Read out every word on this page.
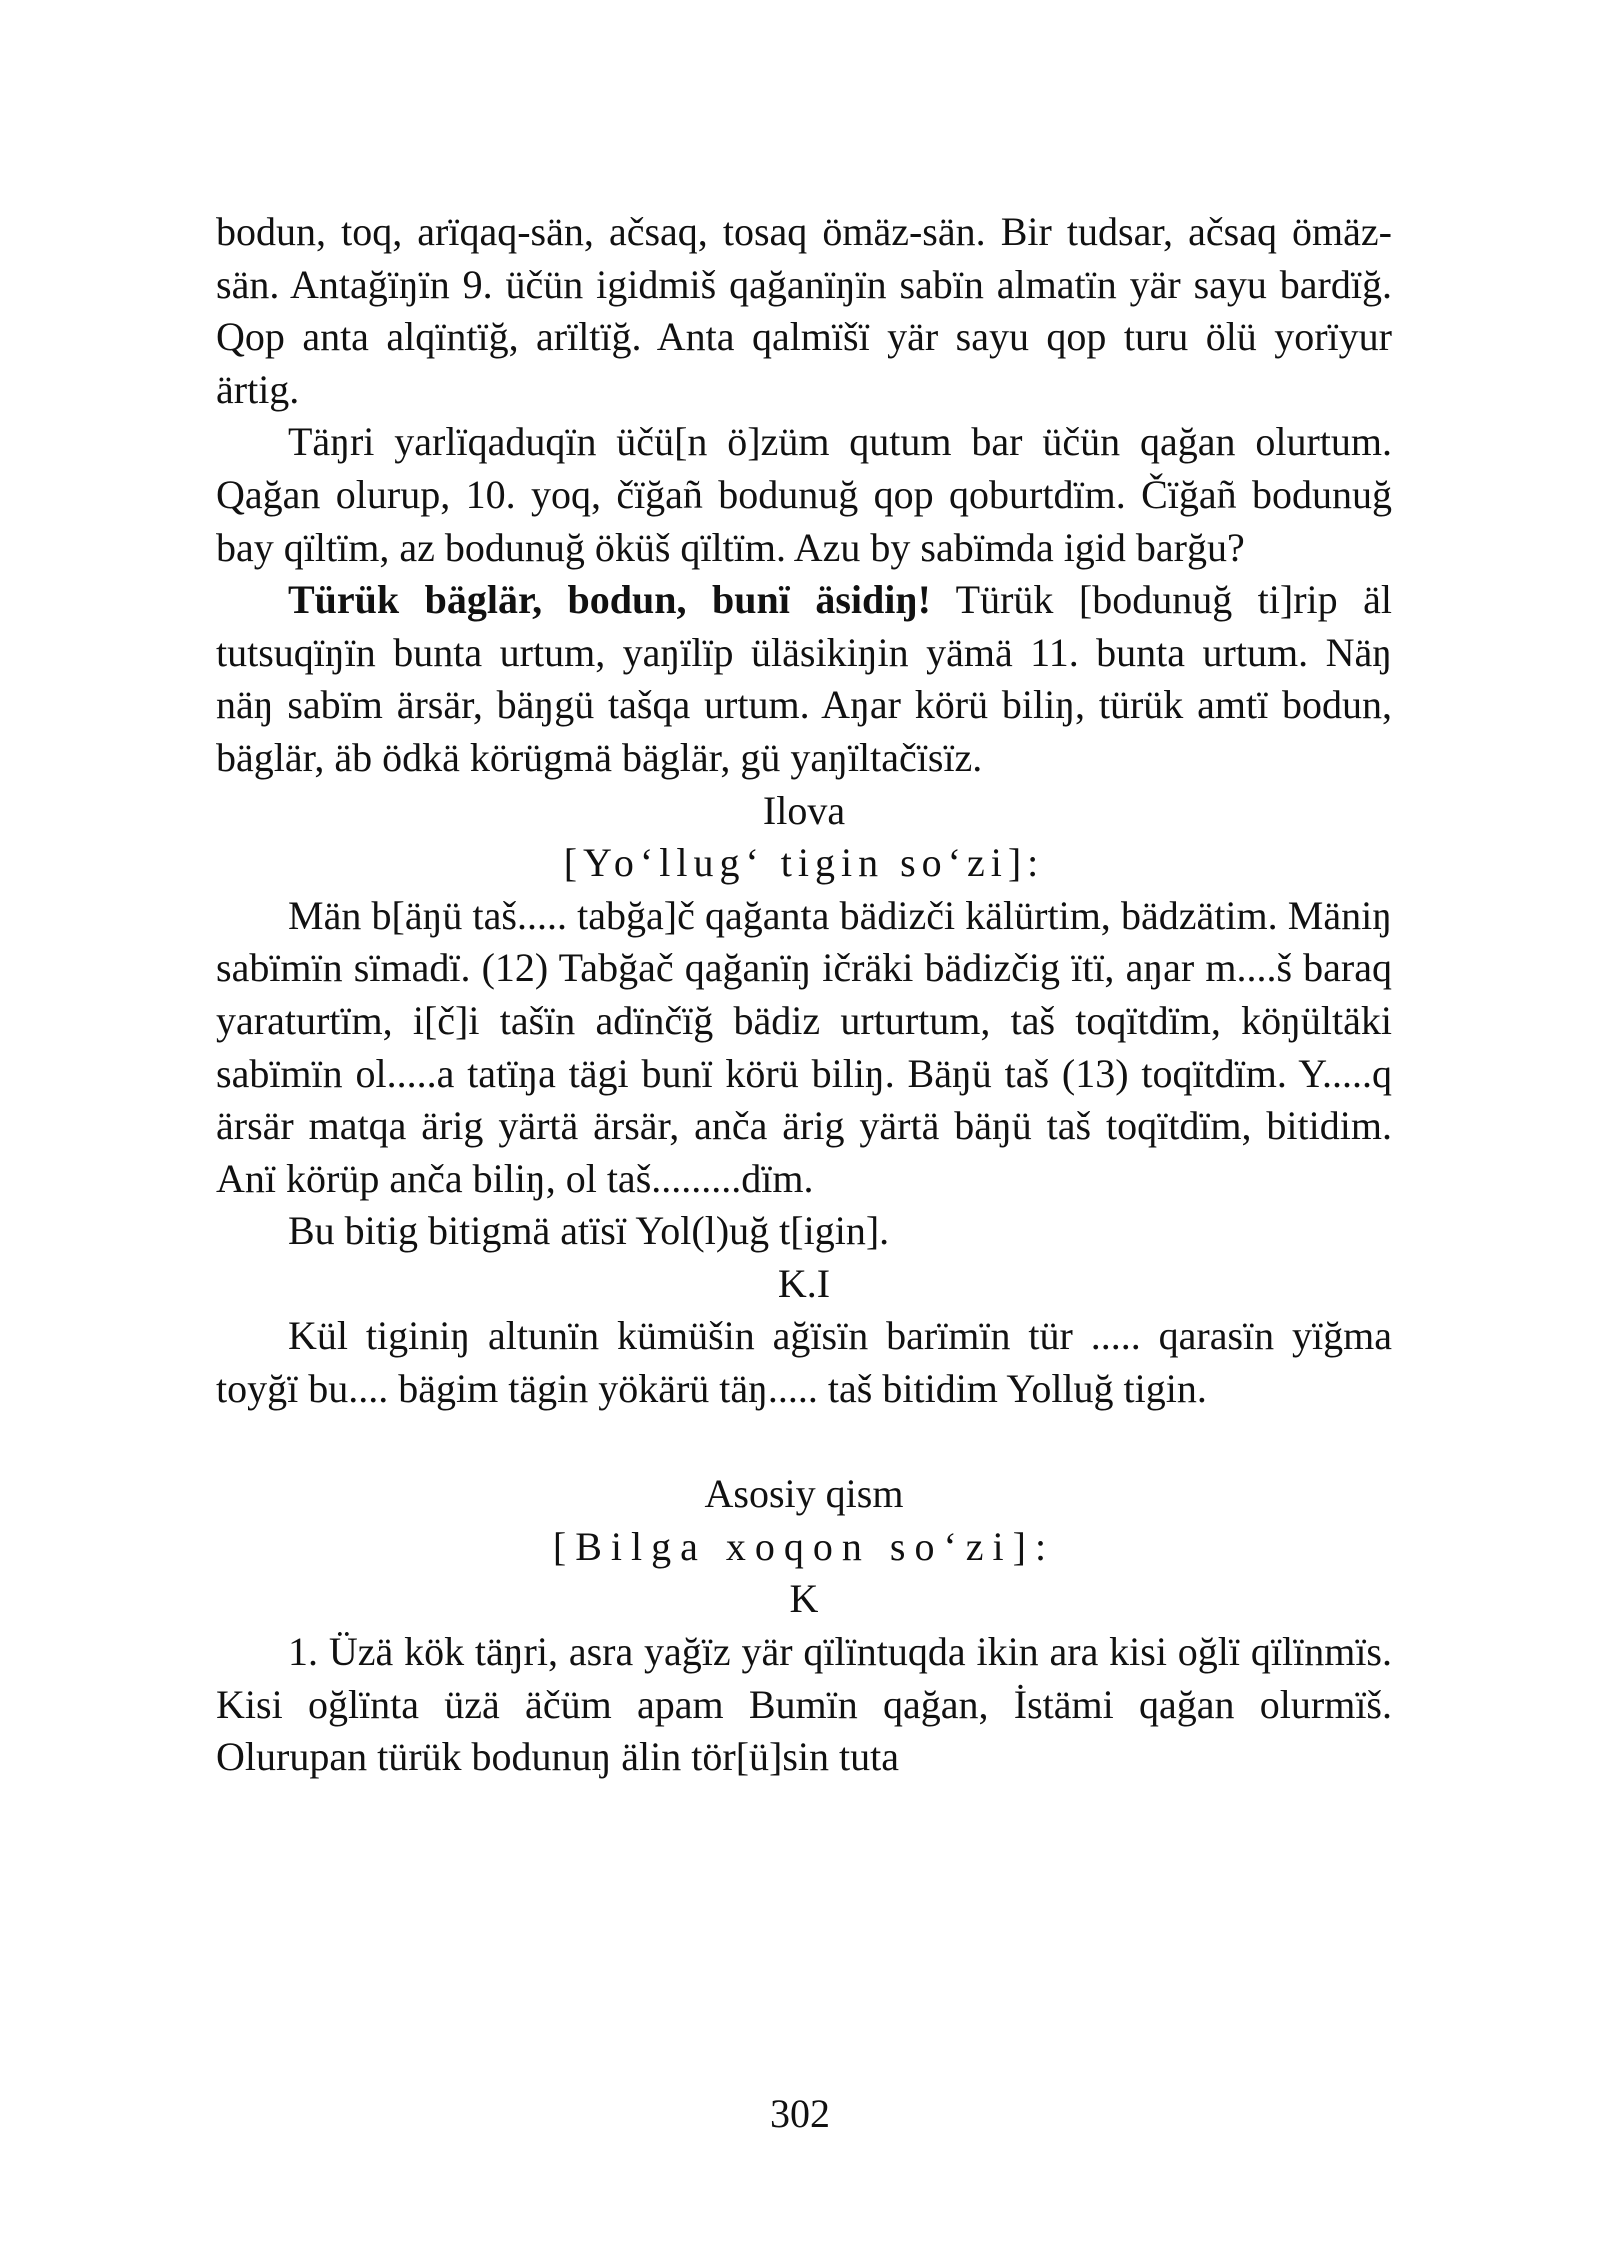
bodun, toq, arïqaq-sän, ačsaq, tosaq ömäz-sän. Bir tudsar, ačsaq ömäz-sän. Antağïŋïn 9. üčün igidmiš qağanïŋïn sabïn almatïn yär sayu bardïğ. Qop anta alqïntïğ, arïltïğ. Anta qalmïšï yär sayu qop turu ölü yorïyur ärtig.

Täŋri yarlïqaduqïn üčü[n ö]züm qutum bar üčün qağan olurtum. Qağan olurup, 10. yoq, čïğañ bodunuğ qop qoburtdïm. Čïğañ bodunuğ bay qïltïm, az bodunuğ öküš qïltïm. Azu by sabïmda igid barğu?

Türük bäglär, bodun, bunï äsidiŋ! Türük [bodunuğ ti]rip äl tutsuqïŋïn bunta urtum, yaŋïlïp üläsikiŋin yämä 11. bunta urtum. Näŋ näŋ sabïm ärsär, bäŋgü tašqa urtum. Aŋar körü biliŋ, türük amtï bodun, bäglär, äb ödkä körügmä bäglär, gü yaŋïltačïsïz.

Ilova

[Yo‘llug‘ tigin so‘zi]:

Män b[äŋü taš..... tabğa]č qağanta bädizči kälürtim, bädzätim. Mäniŋ sabïmïn sïmadï. (12) Tabğač qağanïŋ ičräki bädizčig ïtï, aŋar m....š baraq yaraturtïm, i[č]i tašïn adïnčïğ bädiz urturtum, taš toqïtdïm, köŋültäki sabïmïn ol.....a tatïŋa tägi bunï körü biliŋ. Bäŋü taš (13) toqïtdïm. Y.....q ärsär matqa ärig yärtä ärsär, anča ärig yärtä bäŋü taš toqïtdïm, bitidim. Anï körüp anča biliŋ, ol taš.........dïm.

Bu bitig bitigmä atïsï Yol(l)uğ t[igin].

K.I

Kül tiginiŋ altunïn kümüšin ağïsïn barïmïn tür ..... qarasïn yïğma toyğï bu.... bägim tägin yökärü täŋ..... taš bitidim Yolluğ tigin.

Asosiy qism

[Bilga xoqon so‘zi]:

K

1. Üzä kök täŋri, asra yağïz yär qïlïntuqda ikin ara kisi oğlï qïlïnmïs. Kisi oğlïnta üzä äčüm apam Bumïn qağan, İstämi qağan olurmïš. Olurupan türük bodunuŋ älin tör[ü]sin tuta

302
